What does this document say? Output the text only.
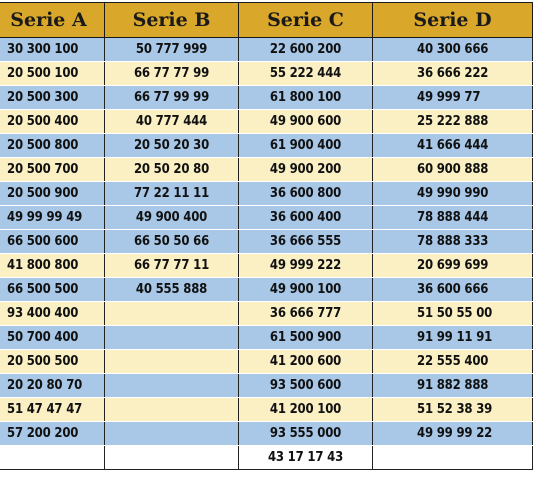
Serie A	Serie B	Serie C	Serie D
30 300 100	50 777 999	22 600 200	40 300 666
20 500 100	66 77 77 99	55 222 444	36 666 222
20 500 300	66 77 99 99	61 800 100	49 999 77
20 500 400	40 777 444	49 900 600	25 222 888
20 500 800	20 50 20 30	61 900 400	41 666 444
20 500 700	20 50 20 80	49 900 200	60 900 888
20 500 900	77 22 11 11	36 600 800	49 990 990
49 99 99 49	49 900 400	36 600 400	78 888 444
66 500 600	66 50 50 66	36 666 555	78 888 333
41 800 800	66 77 77 11	49 999 222	20 699 699
66 500 500	40 555 888	49 900 100	36 600 666
93 400 400		36 666 777	51 50 55 00
50 700 400		61 500 900	91 99 11 91
20 500 500		41 200 600	22 555 400
20 20 80 70		93 500 600	91 882 888
51 47 47 47		41 200 100	51 52 38 39
57 200 200		93 555 000	49 99 99 22
		43 17 17 43	
